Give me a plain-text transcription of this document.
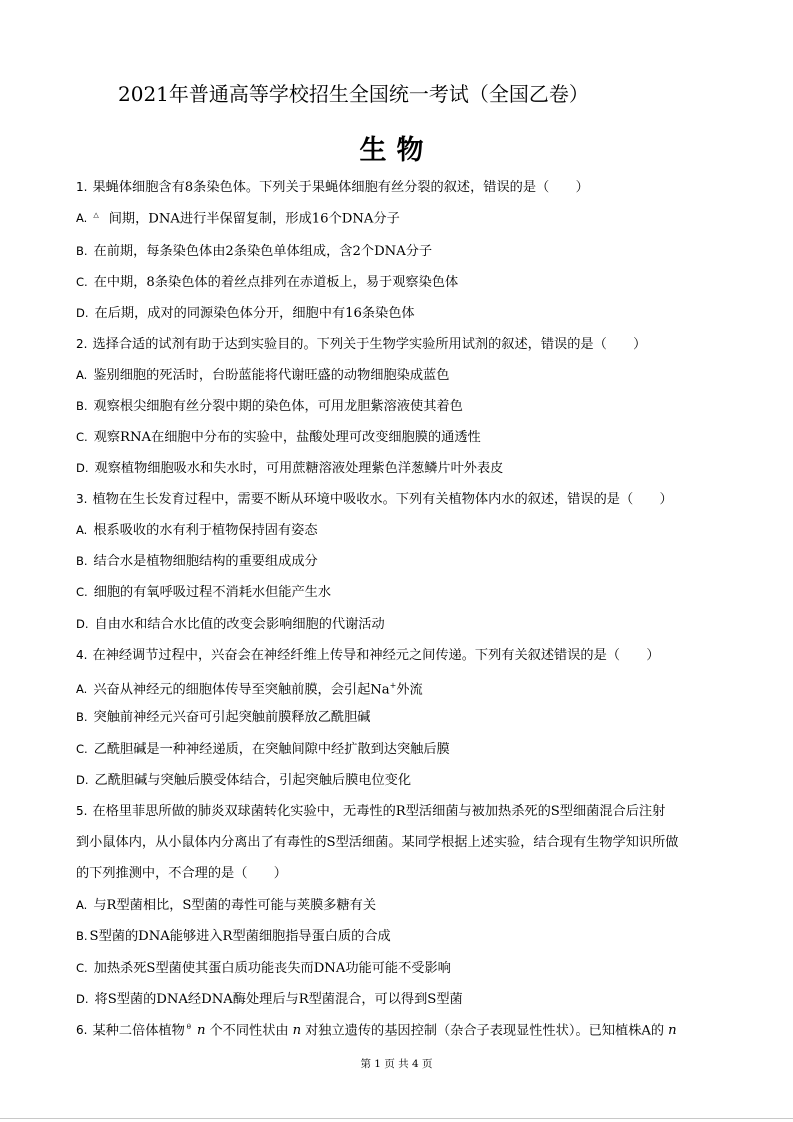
2021年普通高等学校招生全国统一考试（全国乙卷）
生物
1. 果蝇体细胞含有8条染色体。下列关于果蝇体细胞有丝分裂的叙述，错误的是（　　）
A. △ 间期，DNA进行半保留复制，形成16个DNA分子
B. 在前期，每条染色体由2条染色单体组成，含2个DNA分子
C. 在中期，8条染色体的着丝点排列在赤道板上，易于观察染色体
D. 在后期，成对的同源染色体分开，细胞中有16条染色体
2. 选择合适的试剂有助于达到实验目的。下列关于生物学实验所用试剂的叙述，错误的是（　　）
A. 鉴别细胞的死活时，台盼蓝能将代谢旺盛的动物细胞染成蓝色
B. 观察根尖细胞有丝分裂中期的染色体，可用龙胆紫溶液使其着色
C. 观察RNA在细胞中分布的实验中，盐酸处理可改变细胞膜的通透性
D. 观察植物细胞吸水和失水时，可用蔗糖溶液处理紫色洋葱鳞片叶外表皮
3. 植物在生长发育过程中，需要不断从环境中吸收水。下列有关植物体内水的叙述，错误的是（　　）
A. 根系吸收的水有利于植物保持固有姿态
B. 结合水是植物细胞结构的重要组成成分
C. 细胞的有氧呼吸过程不消耗水但能产生水
D. 自由水和结合水比值的改变会影响细胞的代谢活动
4. 在神经调节过程中，兴奋会在神经纤维上传导和神经元之间传递。下列有关叙述错误的是（　　）
A. 兴奋从神经元的细胞体传导至突触前膜，会引起Na+外流
B. 突触前神经元兴奋可引起突触前膜释放乙酰胆碱
C. 乙酰胆碱是一种神经递质，在突触间隙中经扩散到达突触后膜
D. 乙酰胆碱与突触后膜受体结合，引起突触后膜电位变化
5. 在格里菲思所做的肺炎双球菌转化实验中，无毒性的R型活细菌与被加热杀死的S型细菌混合后注射
到小鼠体内，从小鼠体内分离出了有毒性的S型活细菌。某同学根据上述实验，结合现有生物学知识所做
的下列推测中，不合理的是（　　）
A. 与R型菌相比，S型菌的毒性可能与荚膜多糖有关
B. S型菌的DNA能够进入R型菌细胞指导蛋白质的合成
C. 加热杀死S型菌使其蛋白质功能丧失而DNA功能可能不受影响
D. 将S型菌的DNA经DNA酶处理后与R型菌混合，可以得到S型菌
6. 某种二倍体植物 $^\theta$ n 个不同性状由 n 对独立遗传的基因控制（杂合子表现显性性状）。已知植株A的 n
第 1 页 共 4 页
